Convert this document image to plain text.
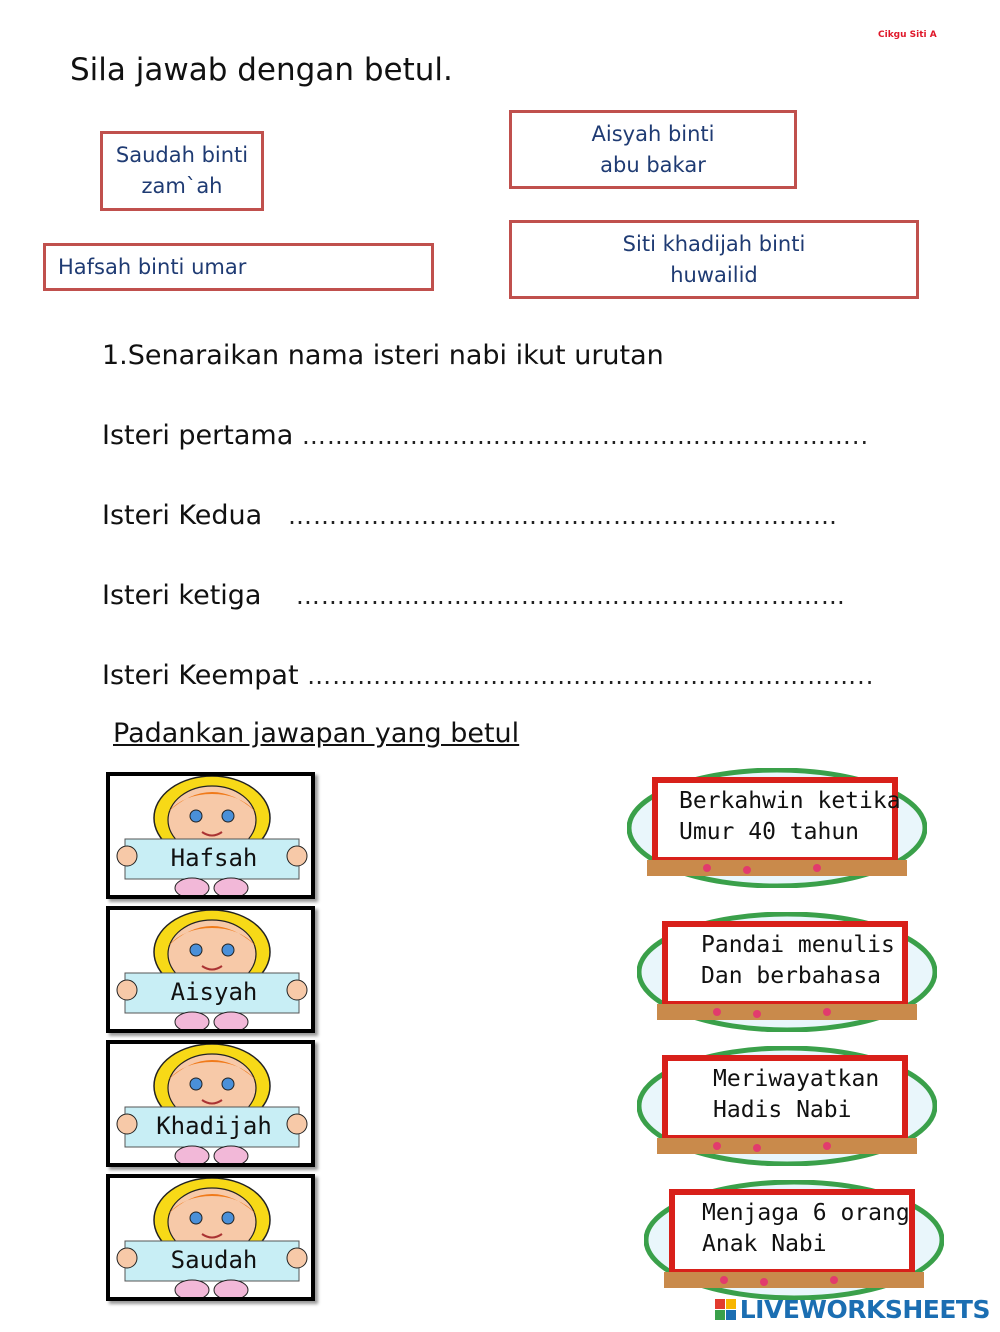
Cikgu Siti A
Sila jawab dengan betul.
Saudah binti
zam`ah
Aisyah binti
abu bakar
Hafsah binti umar
Siti khadijah binti
huwailid
1.Senaraikan nama isteri nabi ikut urutan
Isteri pertama …………………………………………………………..
Isteri Kedua …………………………………………………………
Isteri ketiga …………………………………………………………
Isteri Keempat …………………………………………………………..
Padankan jawapan yang betul
Hafsah
Aisyah
Khadijah
Saudah
Berkahwin ketika
Umur 40 tahun
Pandai menulis
Dan berbahasa
Meriwayatkan
Hadis Nabi
Menjaga 6 orang
Anak Nabi
LIVEWORKSHEETS
